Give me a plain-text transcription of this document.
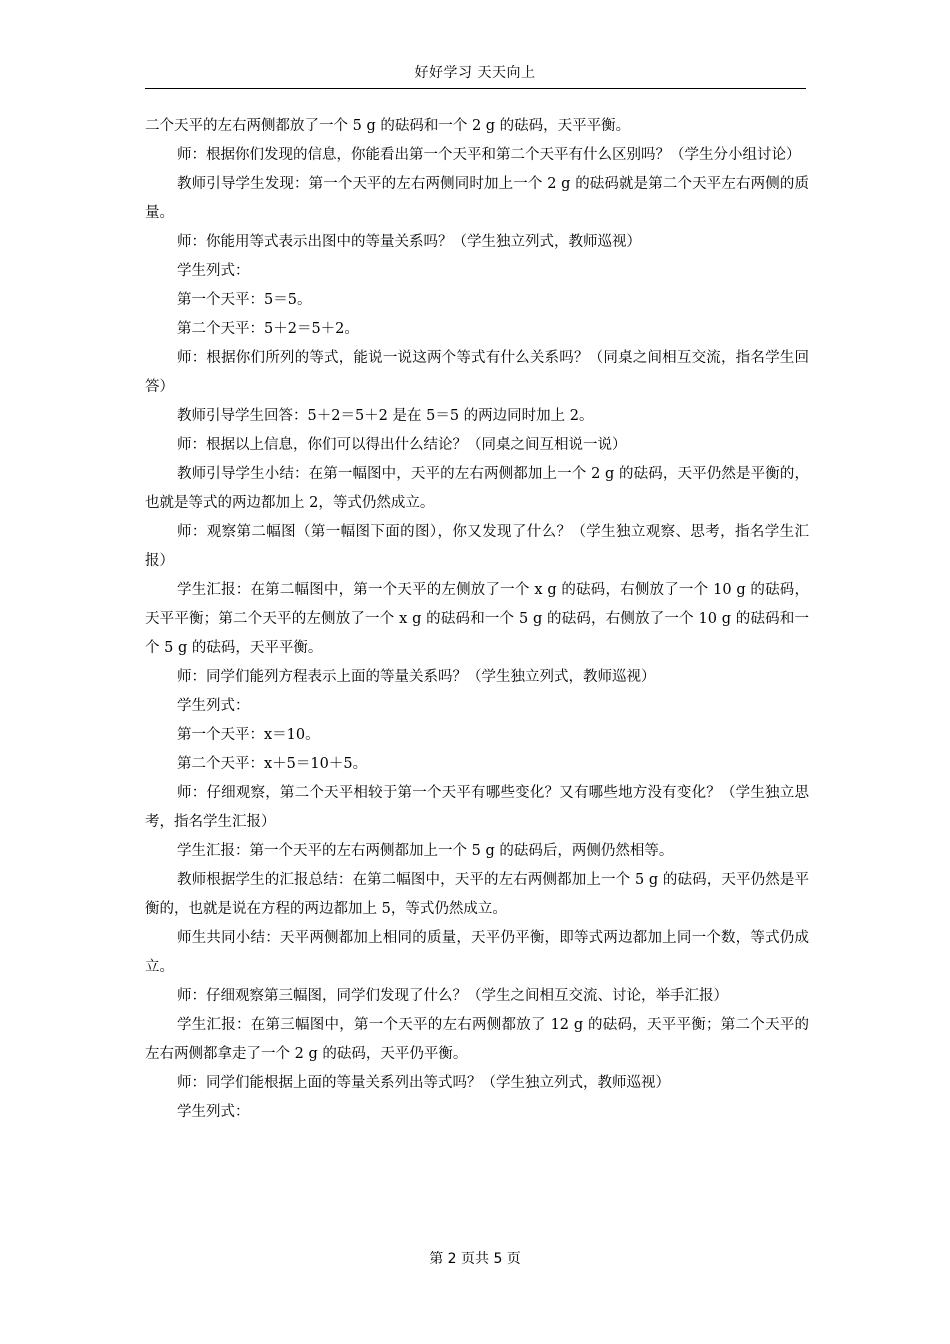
好好学习 天天向上

二个天平的左右两侧都放了一个 5 g 的砝码和一个 2 g 的砝码，天平平衡。

师：根据你们发现的信息，你能看出第一个天平和第二个天平有什么区别吗？（学生分小组讨论）

教师引导学生发现：第一个天平的左右两侧同时加上一个 2 g 的砝码就是第二个天平左右两侧的质量。

师：你能用等式表示出图中的等量关系吗？（学生独立列式，教师巡视）

学生列式：

第一个天平：5＝5。

第二个天平：5＋2＝5＋2。

师：根据你们所列的等式，能说一说这两个等式有什么关系吗？（同桌之间相互交流，指名学生回答）

教师引导学生回答：5＋2＝5＋2 是在 5＝5 的两边同时加上 2。

师：根据以上信息，你们可以得出什么结论？（同桌之间互相说一说）

教师引导学生小结：在第一幅图中，天平的左右两侧都加上一个 2 g 的砝码，天平仍然是平衡的，也就是等式的两边都加上 2，等式仍然成立。

师：观察第二幅图（第一幅图下面的图），你又发现了什么？（学生独立观察、思考，指名学生汇报）

学生汇报：在第二幅图中，第一个天平的左侧放了一个 x g 的砝码，右侧放了一个 10 g 的砝码，天平平衡；第二个天平的左侧放了一个 x g 的砝码和一个 5 g 的砝码，右侧放了一个 10 g 的砝码和一个 5 g 的砝码，天平平衡。

师：同学们能列方程表示上面的等量关系吗？（学生独立列式，教师巡视）

学生列式：

第一个天平：x＝10。

第二个天平：x＋5＝10＋5。

师：仔细观察，第二个天平相较于第一个天平有哪些变化？又有哪些地方没有变化？（学生独立思考，指名学生汇报）

学生汇报：第一个天平的左右两侧都加上一个 5 g 的砝码后，两侧仍然相等。

教师根据学生的汇报总结：在第二幅图中，天平的左右两侧都加上一个 5 g 的砝码，天平仍然是平衡的，也就是说在方程的两边都加上 5，等式仍然成立。

师生共同小结：天平两侧都加上相同的质量，天平仍平衡，即等式两边都加上同一个数，等式仍成立。

师：仔细观察第三幅图，同学们发现了什么？（学生之间相互交流、讨论，举手汇报）

学生汇报：在第三幅图中，第一个天平的左右两侧都放了 12 g 的砝码，天平平衡；第二个天平的左右两侧都拿走了一个 2 g 的砝码，天平仍平衡。

师：同学们能根据上面的等量关系列出等式吗？（学生独立列式，教师巡视）

学生列式：

第 2 页共 5 页
